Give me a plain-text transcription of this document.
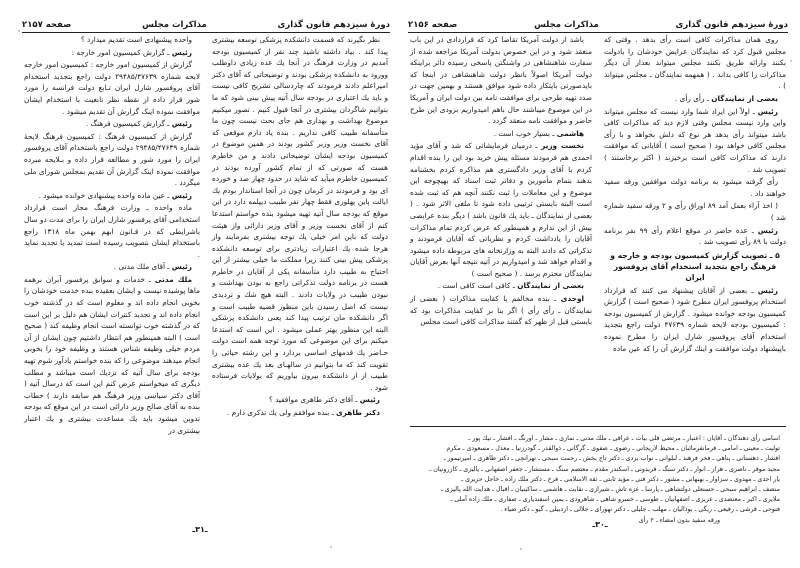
دورهٔ سیزدهم قانون گذاری
مذاکرات مجلس
صفحه ۲۱۵۷

واحده پیشنهادی است تقدیم میدارد ؟

رئیس ـ گزارش کمیسیون امور خارجه :

گزارش از کمیسیون امور خارجه : کمیسیون امور خارجه لایحه شماره ۲۹۴۸۵/۴۷۶۳۹ دولت راجع بتجدید استخدام آقای پروفسور شارل ایران تـابع دولت فرانسه را مورد شور قرار داده از نقطه نظر تابعیت با استخدام ایشان موافقت نموده اینک گزارش آن تقدیم میشود .

رئیس ـ گزارش کمیسیون فرهنگ .

گزارش از کمیسیون فرهنگ : کمیسیون فرهنگ لایحهٔ شماره ۲۹۴۸۵/۴۷۶۳۹ دولت راجع باستخدام آقای پروفسور ایران را مورد شور و مطالعه قرار داده و بـلایحه مبرده موافقت نموده اینک گزارش آن تقدیم بمجلس شورای ملی میگردد .

رئیس ـ عین ماده واحده پیشنهادی خوانده میشود .

ماده واحده ـ وزارت فرهنگ مجاز است قرارداد استخدامی آقای پرفسور شارل ایران را برای مدت دو سال باشرایطی که در قـانون ابهم بهمن ماه ۱۳۱۸ راجع باستخدام ایشان بتصویب رسیده است تمدید یا تجدید نماید .

رئیس ـ آقای ملك مدنی .

ملك مدنی ـ خدمات و سوابق پرفسور آبران برهمه ماها پوشیده نیست و ایشان بعقیده بنده خدمت خودشان را بخوبی انجام داده اند و معلوم است که در گذشته خوب انجام داده اند و تجدید کنترات ایشان هم دلیل بر این است که در گذشته خوب توانسته است انجام وظیفه کند ( صحیح است ) البته همینطور هم انتظار داشتیم چون ایشان از آن مردم خیلی وظیفه شناس هستند و وظیفه خود را بخوبی انجام میدهند موضوعی را که بنده خواستم یادآور شوم تهیه بودجه برای سال آتیه که نزدیك است میباشد و مطلب دیگری که میخواستم عرض کنم این است که درسال آتیه ( آقای دکتر سیاسی وزیر فرهنگ هم سابقه دارند ) خطاب بنده به آقای صالح وزیر دارائی است در این موقع که بودجه تدوین میشود باید یك مساعدت بیشتری و یك اعتبار بیشتری در

نظر بگیرند که قسمت دانشکده پزشکی توسعه بیشتری پیدا کند . بیاد داشته باشید چند نفر از کمیسیون بودجه آمدیم در وزارت فرهنگ در آنجا یك عده زیادی داوطلب وورود به دانشکده پزشکی بودند و توضیحاتی که آقای دکتر امیراعلم دادند فرمودند که چاردسالی تشریح کافی نیست و باید یك اعتباری در بودجه سال آتیه پیش بینی شود که ما بتوانیم شاگردان بیشتری در آنجا قبول کنیم . تصور میکنیم موضوع بهداشت و بهداری هم جای بحث نیست چون ما متأسفانه طبیب کافی نداریم . بنده یاد دارم موقعی که آقای نخست وزیر وزیر کشور بودند در همین موضوع در کمیسیون بودجه ایشان توضیحاتی دادند و من خاطرم هست که صورتی که از تمام کشور آورده بودند در کمیسیون خاطرم میآید که شاید در حدود چهار صد و خورده ای بود و فرمودند در کرمان چون در آنجا استاندار بودم یك ایالت پاین پهلوری فقط چهار نفر طبیب دیپلمه دارد در این موقع که بودجه سال آتیه تهیه میشود بنده خواستم استدعا کنم از آقای نخست وزیر و آقای وزیر دارائی واز هیئت دولت که باین امر خیلی یك توجه بیشتری بفرمایند واز هرجا شده یك اعتبارات زیادتری برای توسعه دانشکده پزشکی پیش بینی کنند زیرا مملکت ما خیلی بیشتر از این احتیاج به طبیب دارد متأسفانه یکی از آقایان در خاطرم هست در برنامه دولت تذکراتی راجع به بودن بهداشت و نبودن طبیب در ولایات دادند . البته هیچ شك و تردیدی نیست که اصل رسیدن باین منظور قضیه طبیب است و اگر دانشکده مان ترتیب پیدا کند یعنی دانشکده پزشکی البته این منظور بهتر عملی میشود . این است که استدعا میکنم برای این موضوعی که مورد توجه همه است دولت حـاضر یك قدمهای اساسی بردارد و این رشته حیاتی را تقویت کند که ما بتوانیم در سالهـای بعد یك عده بیشتری طبیب از از دانشکده بیرون بیاوریم که بولایات فرستاده شود .

رئیس ـ آقای دکتر طاهری موافقید ؟

دکتر طاهری ـ بنده موافقم ولی یك تذکری دارم .

ـ۳۱ـ
دورهٔ سیزدهم قانون گذاری
مذاکرات مجلس
صفحه ۲۱۵۶

باشد از دولت آمریکا تقاضا کرد که قراردادی در این باب منعقد شود و در این خصوص بدولت آمریکا مراجعه شده از سفارت شاهنشاهی در واشنگتن پاسخی رسیده دائر براینکه دولت آمریکا اصولاً بانظر دولت شاهنشاهی در اینجا که بایدصورتی بایتکار داده شود موافق هستند و بهمین جهت در صدد تهیه طرحی برای موافقت نامه بین دولت ایران و آمریکا در این موضوع میباشند حال باهم امیدواریم بزودی این طرح حاضر و موافقت نامه منعقد گردد .

هاشمی ـ بسیار خوب است .

نخست وزیر ـ درمیان فرمایشاتی که شد و آقای مؤید احمدی هم فرمودند مسئله پیش خرید بود این را بنده اقدام کردم با آقای وزیر دادگستری هم مذاکره کردم بخشنامه بدهند بتمام مأمورین و دفاتر ثبت اسناد که بهیچوجه این موضوع و این معاملات را ثبت نکنند آنچه هم که ثبت شده است البته بایستی ترتیبی داده شود تا ملغی الاثر شود . ( بعضی از نمایندگان ـ باید یك قانون باشد ) دیگر بنده عرایضی بیش از این ندارم و همینطور که عرض کردم تمام مذاکرات آقایان را یادداشت کردم و نظریاتی که آقایان فرمودند و تذکراتی که دادند البته به وزارتخانه های مربوطه داده میشود و اقدام خواهد شد و امیدواریم در آتیه نتیجه آنها بعرض آقایان نمایندگان محترم برسد . ( صحیح است )

بعضی از نمایندگان ـ کافی است کافی است .

اوحدی ـ بنده مخالفم با کفایت مذاکرات ( بعضی از نمایندگان ـ رأی رأی ) اگر بنا بر کفایت مذاکرات بود که بایستی قبل از ظهر که گفتند مذاکرات کافی است مجلس

روی همان مذاکرات کافی است رأی بدهد . وقتی که مجلس قبول کرد که نمایندگان عرایض خودشان را بادولت بکنند وارائه طریق بکنند مجلس میتواند بعداز آن دیگر مذاکرات را کافی بداند . ( همهمه نمایندگان ـ مجلس میتواند ) .

بعضی از نمایندگان ـ رأی رأی .

رئیس ـ اولاً این ایراد شما وارد نیست که مجلس میتواند واین وارد نیست مجلس وقتی لازم دید که مذاکرات کافی باشد میتواند رأی بدهد هر نوع که دلش بخواهد و با رأی مجلس کافی خواهد بود ( صحیح است ) آقایانی که موافقت دارند که مذاکرات کافی است برخیزند ( اکثر برخاستند ) تصویب شد .

رأی گرفته میشود به برنامه دولت موافقین ورقه سفید خواهند داد .

( اخذ آراء بعمل آمد ۸۹ اوراق رأی و ۲ ورقه سفید شماره شد )

رئیس ـ عده حاضر در موقع اعلام رأی ۹۹ نفر برنامه دولت با ۸۹ رأی تصویب شد .

۵ ـ تصویب گزارش کمیسیون بودجه و خارجه و فرهنگ راجع بتجدید استخدام آقای پروفسور ایران

رئیس ـ بعضی از آقایان پیشنهاد می کنند که قرارداد استخدام پروفسور ایران مطرح شود ( صحیح است ) گزارش کمیسیون بودجه خوانده میشود . گزارش از کمیسیون بودجه : کمیسیون بودجه لایحه شماره ۴۷۶۳۹ دولت راجع بتجدید استخدام آقای پروفسور شارل ایران را مطرح نموده باپیشنهاد دولت موافقت و اینك گزارش آن را که عین ماده

اسامی رأی دهندگان ـ آقایان : اعتبار ـ مرتضی قلی بیات ـ عراقی ـ ملك مدنی ـ نمازی ـ مشار ـ اورنگ ـ افشار ـ نیك پور ـ

تولیت ـ معینی ـ امامی ـ فرمانفرمائیان ـ محیط لاریجانی ـ رضوی ـ صفوی ـ گرگانی ـ ذوالقدر ـ گودرزنیا ـ معدل ـ مسعودی ـ مکرم

افشار ـ دهستانی ـ پناهی ـ فخر فرهند ـ لبلوانی ـ نواب یزدی ـ دکتر تاج بخش ـ رحمت سبحی ـ تهرانچی ـ دکتر طاهری ـ امیرتیمور ـ

مجید موقر ـ ناصری ـ هراز ـ انوار ـ دکتر سنگ ـ فریدونی ـ اسکندر مقدم ـ معتصم سنگ ـ مستشار ـ جعفر اصفهانی ـ یالیزی ـ کازرونیان ـ

یار احدی ـ مهدوی ـ سزاوار ـ بهبهانی ـ مشور ـ دکتر فنی ـ مؤید ثابتی ـ ثقة الاسلامی ـ فرخ ـ دکتر ملك زاده ـ خاجل حریری ـ

منصف ـ ابراهیم سبحی ـ حسنعلی دولتشاهی ـ پارسا ـ عزه تاش ـ شیرازی ـ نقابت ـ هاشمی ـ ساکینیان ـ اقبال ـ هدایت الله پالیزی ـ

ملایری ـ اکبر ـ معتضدی ـ عزیزی ـ اصفهانیان ـ طوسی ـ خسرو شاهی ـ شاهرودی ـ یمین اسفندیاری ـ صفاری ـ ملك زاده آملی ـ

فتوحی ـ قرشی ـ رفیعی ـ ریگی ـ بوذالیان ـ مهلب ـ جلیلی ـ دکتر نهورای ـ جلالی ـ اردبیلی ـ گیو ـ دکتر ضیاء .

ورقه سفید بدون امضاء ـ ۲ رأی

ـ۳۰ـ
